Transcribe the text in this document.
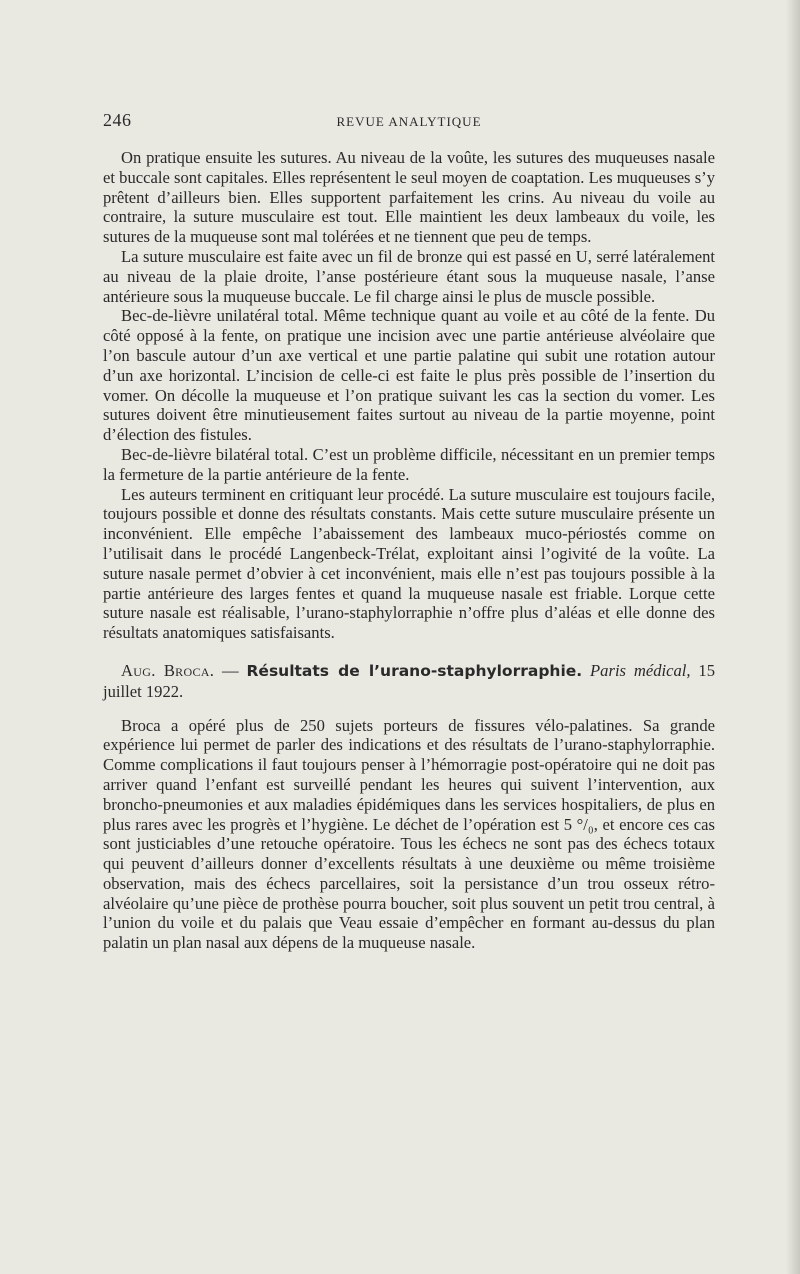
246	REVUE ANALYTIQUE

On pratique ensuite les sutures. Au niveau de la voûte, les sutures des muqueuses nasale et buccale sont capitales. Elles représentent le seul moyen de coaptation. Les muqueuses s’y prêtent d’ailleurs bien. Elles supportent parfaitement les crins. Au niveau du voile au contraire, la suture musculaire est tout. Elle maintient les deux lambeaux du voile, les sutures de la muqueuse sont mal tolérées et ne tiennent que peu de temps.

La suture musculaire est faite avec un fil de bronze qui est passé en U, serré latéralement au niveau de la plaie droite, l’anse postérieure étant sous la muqueuse nasale, l’anse antérieure sous la muqueuse buccale. Le fil charge ainsi le plus de muscle possible.

Bec-de-lièvre unilatéral total. Même technique quant au voile et au côté de la fente. Du côté opposé à la fente, on pratique une incision avec une partie antérieuse alvéolaire que l’on bascule autour d’un axe vertical et une partie palatine qui subit une rotation autour d’un axe horizontal. L’incision de celle-ci est faite le plus près possible de l’insertion du vomer. On décolle la muqueuse et l’on pratique suivant les cas la section du vomer. Les sutures doivent être minutieusement faites surtout au niveau de la partie moyenne, point d’élection des fistules.

Bec-de-lièvre bilatéral total. C’est un problème difficile, nécessitant en un premier temps la fermeture de la partie antérieure de la fente.

Les auteurs terminent en critiquant leur procédé. La suture musculaire est toujours facile, toujours possible et donne des résultats constants. Mais cette suture musculaire présente un inconvénient. Elle empêche l’abaissement des lambeaux muco-périostés comme on l’utilisait dans le procédé Langenbeck-Trélat, exploitant ainsi l’ogivité de la voûte. La suture nasale permet d’obvier à cet inconvénient, mais elle n’est pas toujours possible à la partie antérieure des larges fentes et quand la muqueuse nasale est friable. Lorque cette suture nasale est réalisable, l’urano-staphylorraphie n’offre plus d’aléas et elle donne des résultats anatomiques satisfaisants.

Aug. Broca. — Résultats de l’urano-staphylorraphie. Paris médical, 15 juillet 1922.

Broca a opéré plus de 250 sujets porteurs de fissures vélo-palatines. Sa grande expérience lui permet de parler des indications et des résultats de l’urano-staphylorraphie. Comme complications il faut toujours penser à l’hémorragie post-opératoire qui ne doit pas arriver quand l’enfant est surveillé pendant les heures qui suivent l’intervention, aux broncho-pneumonies et aux maladies épidémiques dans les services hospitaliers, de plus en plus rares avec les progrès et l’hygiène. Le déchet de l’opération est 5 °/₀, et encore ces cas sont justiciables d’une retouche opératoire. Tous les échecs ne sont pas des échecs totaux qui peuvent d’ailleurs donner d’excellents résultats à une deuxième ou même troisième observation, mais des échecs parcellaires, soit la persistance d’un trou osseux rétro-alvéolaire qu’une pièce de prothèse pourra boucher, soit plus souvent un petit trou central, à l’union du voile et du palais que Veau essaie d’empêcher en formant au-dessus du plan palatin un plan nasal aux dépens de la muqueuse nasale.
